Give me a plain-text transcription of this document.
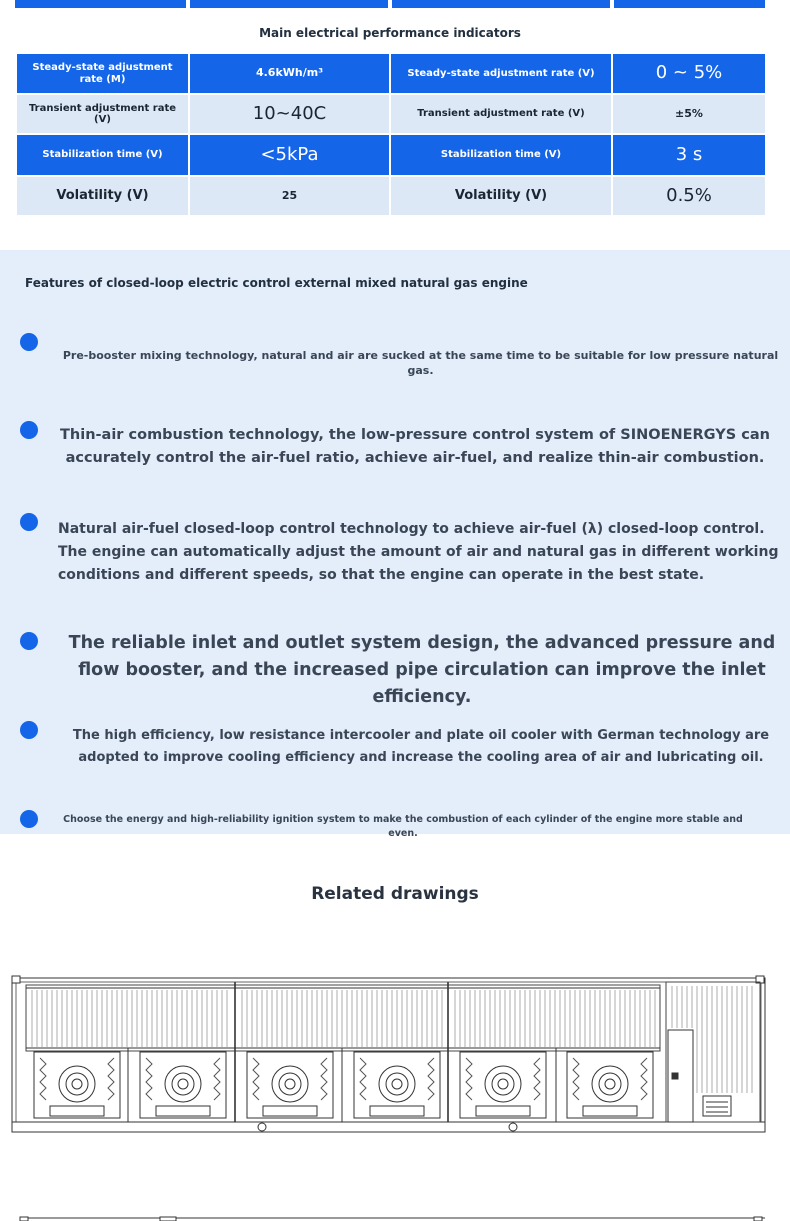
Main electrical performance indicators
Steady-state adjustment rate (M)	4.6kWh/m³	Steady-state adjustment rate (V)	0 ~ 5%
Transient adjustment rate (V)	10~40C	Transient adjustment rate (V)	±5%
Stabilization time (V)	<5kPa	Stabilization time (V)	3 s
Volatility (V)	25	Volatility (V)	0.5%
Features of closed-loop electric control external mixed natural gas engine
Pre-booster mixing technology, natural and air are sucked at the same time to be suitable for low pressure natural gas.
Thin-air combustion technology, the low-pressure control system of SINOENERGYS can accurately control the air-fuel ratio, achieve air-fuel, and realize thin-air combustion.
Natural air-fuel closed-loop control technology to achieve air-fuel (λ) closed-loop control. The engine can automatically adjust the amount of air and natural gas in different working conditions and different speeds, so that the engine can operate in the best state.
The reliable inlet and outlet system design, the advanced pressure and flow booster, and the increased pipe circulation can improve the inlet efficiency.
The high efficiency, low resistance intercooler and plate oil cooler with German technology are adopted to improve cooling efficiency and increase the cooling area of air and lubricating oil.
Choose the energy and high-reliability ignition system to make the combustion of each cylinder of the engine more stable and even.
Related drawings
